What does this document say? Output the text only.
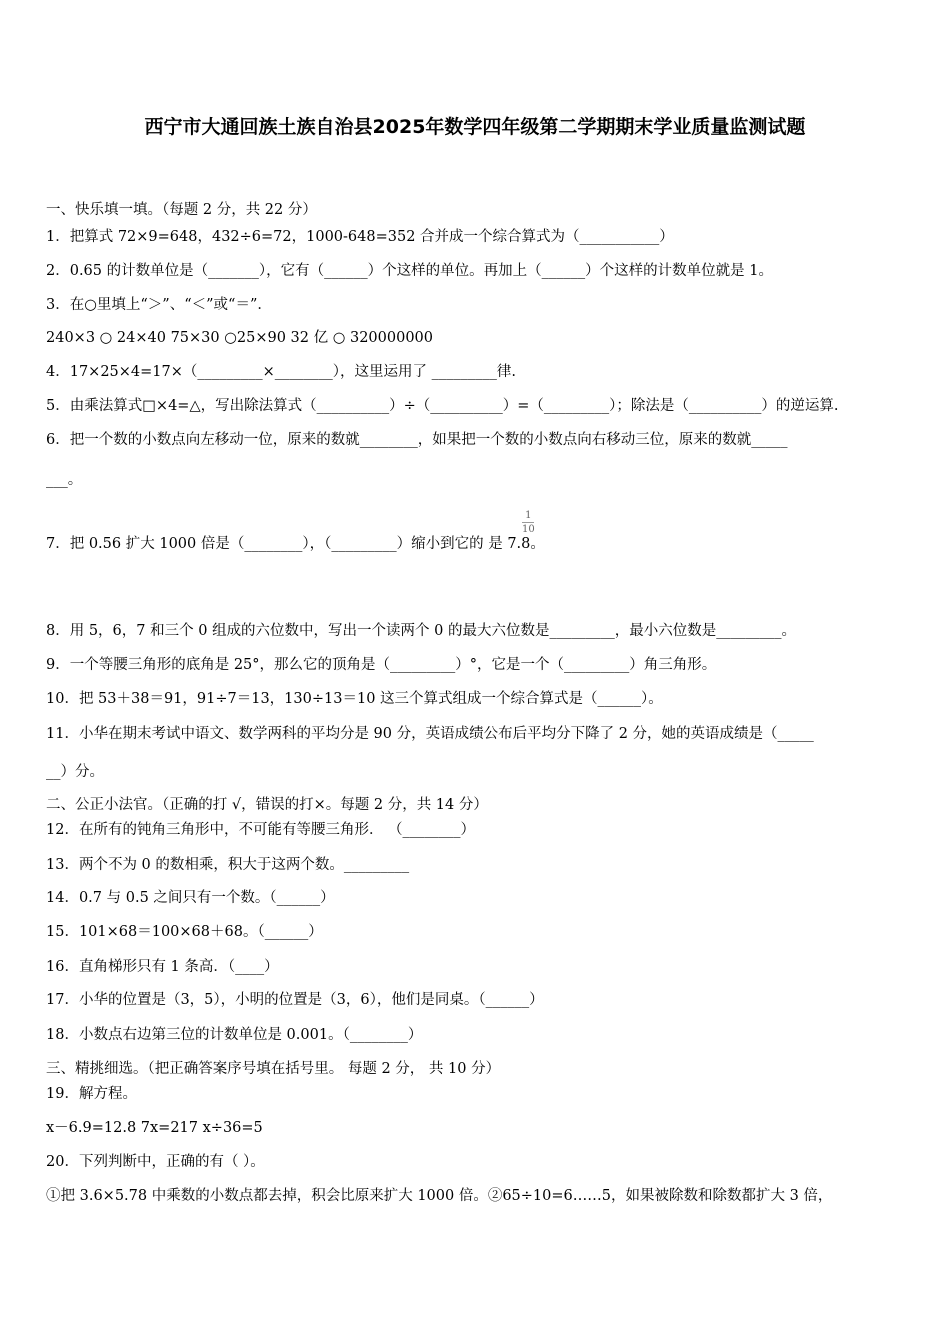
西宁市大通回族土族自治县2025年数学四年级第二学期期末学业质量监测试题
一、快乐填一填。（每题 2 分，共 22 分）
1．把算式 72×9=648，432÷6=72，1000-648=352 合并成一个综合算式为（___________）
2．0.65 的计数单位是（_______），它有（______）个这样的单位。再加上（______）个这样的计数单位就是 1。
3．在○里填上“＞”、“＜”或“＝”．
240×3 ○ 24×40 75×30 ○25×90 32 亿 ○ 320000000
4．17×25×4=17×（_________×________），这里运用了 _________律.
5．由乘法算式□×4=△，写出除法算式（__________）÷（__________）=（_________）；除法是（__________）的逆运算.
6．把一个数的小数点向左移动一位，原来的数就________，如果把一个数的小数点向右移动三位，原来的数就_____
___。
7．把 0.56 扩大 1000 倍是（________），（_________）缩小到它的 是 7.8。
1
10
8．用 5，6，7 和三个 0 组成的六位数中，写出一个读两个 0 的最大六位数是_________，最小六位数是_________。
9．一个等腰三角形的底角是 25°，那么它的顶角是（_________）°，它是一个（_________）角三角形。
10．把 53＋38＝91，91÷7＝13，130÷13＝10 这三个算式组成一个综合算式是（______）。
11．小华在期末考试中语文、数学两科的平均分是 90 分，英语成绩公布后平均分下降了 2 分，她的英语成绩是（_____
__）分。
二、公正小法官。（正确的打 √，错误的打×。每题 2 分，共 14 分）
12．在所有的钝角三角形中，不可能有等腰三角形． （________）
13．两个不为 0 的数相乘，积大于这两个数。_________
14．0.7 与 0.5 之间只有一个数。（______）
15．101×68＝100×68＋68。（______）
16．直角梯形只有 1 条高．（____）
17．小华的位置是（3，5），小明的位置是（3，6），他们是同桌。（______）
18．小数点右边第三位的计数单位是 0.001。（________）
三、精挑细选。（把正确答案序号填在括号里。 每题 2 分， 共 10 分）
19．解方程。
x－6.9=12.8 7x=217 x÷36=5
20．下列判断中，正确的有（ ）。
①把 3.6×5.78 中乘数的小数点都去掉，积会比原来扩大 1000 倍。②65÷10=6……5，如果被除数和除数都扩大 3 倍，
